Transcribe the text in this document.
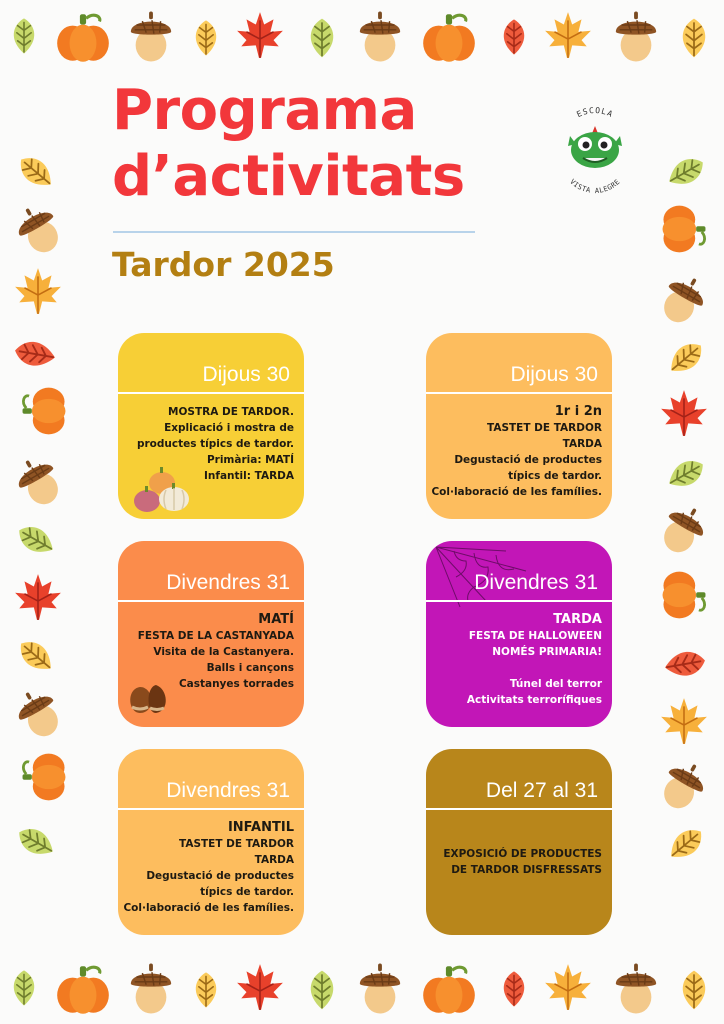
Programa
d’activitats
Tardor 2025
ESCOLA
VISTA ALEGRE
Dijous 30

MOSTRA DE TARDOR.

Explicació i mostra de

productes típics de tardor.

Primària: MATÍ

Infantil: TARDA

Dijous 30

1r i 2n

TASTET DE TARDOR

TARDA

Degustació de productes

típics de tardor.

Col·laboració de les famílies.

Divendres 31

MATÍ

FESTA DE LA CASTANYADA

Visita de la Castanyera.

Balls i cançons

Castanyes torrades

Divendres 31

TARDA

FESTA DE HALLOWEEN

NOMÉS PRIMARIA!

Túnel del terror

Activitats terrorífiques

Divendres 31

INFANTIL

TASTET DE TARDOR

TARDA

Degustació de productes

típics de tardor.

Col·laboració de les famílies.

Del 27 al 31

EXPOSICIÓ DE PRODUCTES

DE TARDOR DISFRESSATS
